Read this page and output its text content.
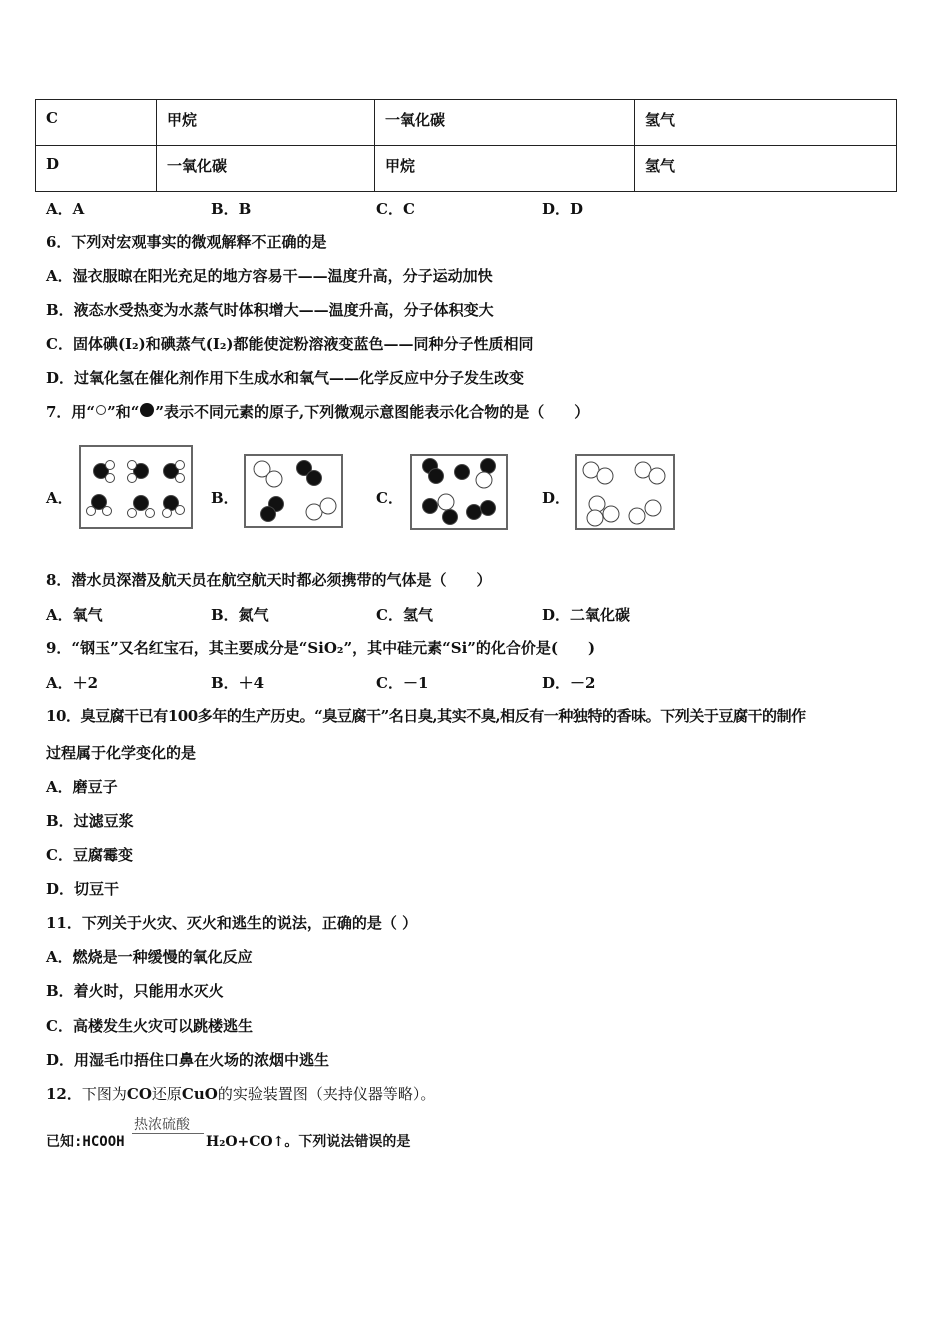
C	甲烷	一氧化碳	氢气
D	一氧化碳	甲烷	氢气
A．A	B．B	C．C	D．D
6．下列对宏观事实的微观解释不正确的是
A．湿衣服晾在阳光充足的地方容易干——温度升高，分子运动加快
B．液态水受热变为水蒸气时体积增大——温度升高，分子体积变大
C．固体碘(I₂)和碘蒸气(I₂)都能使淀粉溶液变蓝色——同种分子性质相同
D．过氧化氢在催化剂作用下生成水和氧气——化学反应中分子发生改变
7．用“ ”和“ ”表示不同元素的原子,下列微观示意图能表示化合物的是（　　）
A．	B．	C．	D．
8．潜水员深潜及航天员在航空航天时都必须携带的气体是（　　）
A．氧气	B．氮气	C．氢气	D．二氧化碳
9．“钢玉”又名红宝石，其主要成分是“SiO₂”，其中硅元素“Si”的化合价是(　　)
A．＋2	B．＋4	C．－1	D．－2
10．臭豆腐干已有100多年的生产历史。“臭豆腐干”名日臭,其实不臭,相反有一种独特的香味。下列关于豆腐干的制作
过程属于化学变化的是
A．磨豆子
B．过滤豆浆
C．豆腐霉变
D．切豆干
11．下列关于火灾、灭火和逃生的说法，正确的是（ ）
A．燃烧是一种缓慢的氧化反应
B．着火时，只能用水灭火
C．高楼发生火灾可以跳楼逃生
D．用湿毛巾捂住口鼻在火场的浓烟中逃生
12．下图为CO还原CuO的实验装置图（夹持仪器等略）。
已知:HCOOH
热浓硫酸
H₂O+CO↑。下列说法错误的是
